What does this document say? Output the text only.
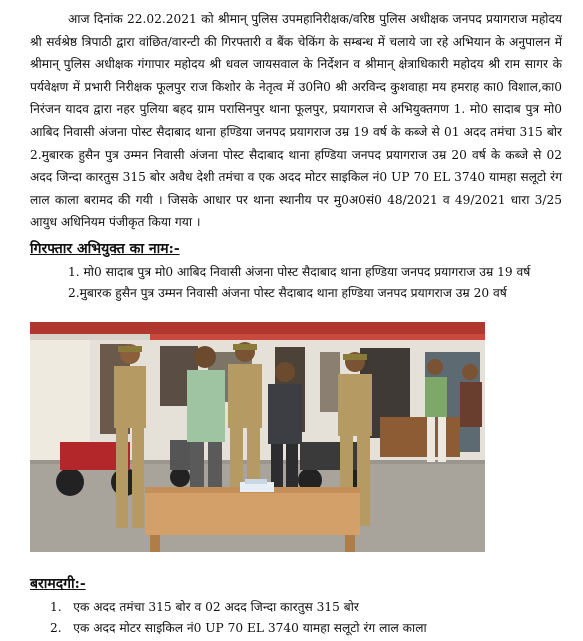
आज दिनांक 22.02.2021 को श्रीमान् पुलिस उपमहानिरीक्षक/वरिष्ठ पुलिस अधीक्षक जनपद प्रयागराज महोदय श्री सर्वश्रेष्ठ त्रिपाठी द्वारा वांछित/वारन्टी की गिरफ्तारी व बैंक चेकिंग के सम्बन्ध में चलाये जा रहे अभियान के अनुपालन में श्रीमान् पुलिस अधीक्षक गंगापार महोदय श्री धवल जायसवाल के निर्देशन व श्रीमान् क्षेत्राधिकारी महोदय श्री राम सागर के पर्यवेक्षण में प्रभारी निरीक्षक फूलपुर राज किशोर के नेतृत्व में उ0नि0 श्री अरविन्द कुशवाहा मय हमराह का0 विशाल,का0 निरंजन यादव द्वारा नहर पुलिया बहद ग्राम परासिनपुर थाना फूलपुर, प्रयागराज से अभियुक्तगण 1. मो0 सादाब पुत्र मो0 आबिद निवासी अंजना पोस्ट सैदाबाद थाना हण्डिया जनपद प्रयागराज उम्र 19 वर्ष के कब्जे से 01 अदद तमंचा 315 बोर 2.मुबारक हुसैन पुत्र उम्मन निवासी अंजना पोस्ट सैदाबाद थाना हण्डिया जनपद प्रयागराज उम्र 20 वर्ष के कब्जे से 02 अदद जिन्दा कारतुस 315 बोर अवैध देशी तमंचा व एक अदद मोटर साइकिल नं0 UP 70 EL 3740 यामहा सलूटो रंग लाल काला बरामद की गयी । जिसके आधार पर थाना स्थानीय पर मु0अ0सं0 48/2021 व 49/2021 धारा 3/25 आयुध अधिनियम पंजीकृत किया गया ।

गिरफ्तार अभियुक्त का नाम:-
1. मो0 सादाब पुत्र मो0 आबिद निवासी अंजना पोस्ट सैदाबाद थाना हण्डिया जनपद प्रयागराज उम्र 19 वर्ष
2.मुबारक हुसैन पुत्र उम्मन निवासी अंजना पोस्ट सैदाबाद थाना हण्डिया जनपद प्रयागराज उम्र 20 वर्ष
बरामदगी:-
1.   एक अदद तमंचा 315 बोर व 02 अदद जिन्दा कारतुस 315 बोर
2.   एक अदद मोटर साइकिल नं0 UP 70 EL 3740 यामहा सलूटो रंग लाल काला
